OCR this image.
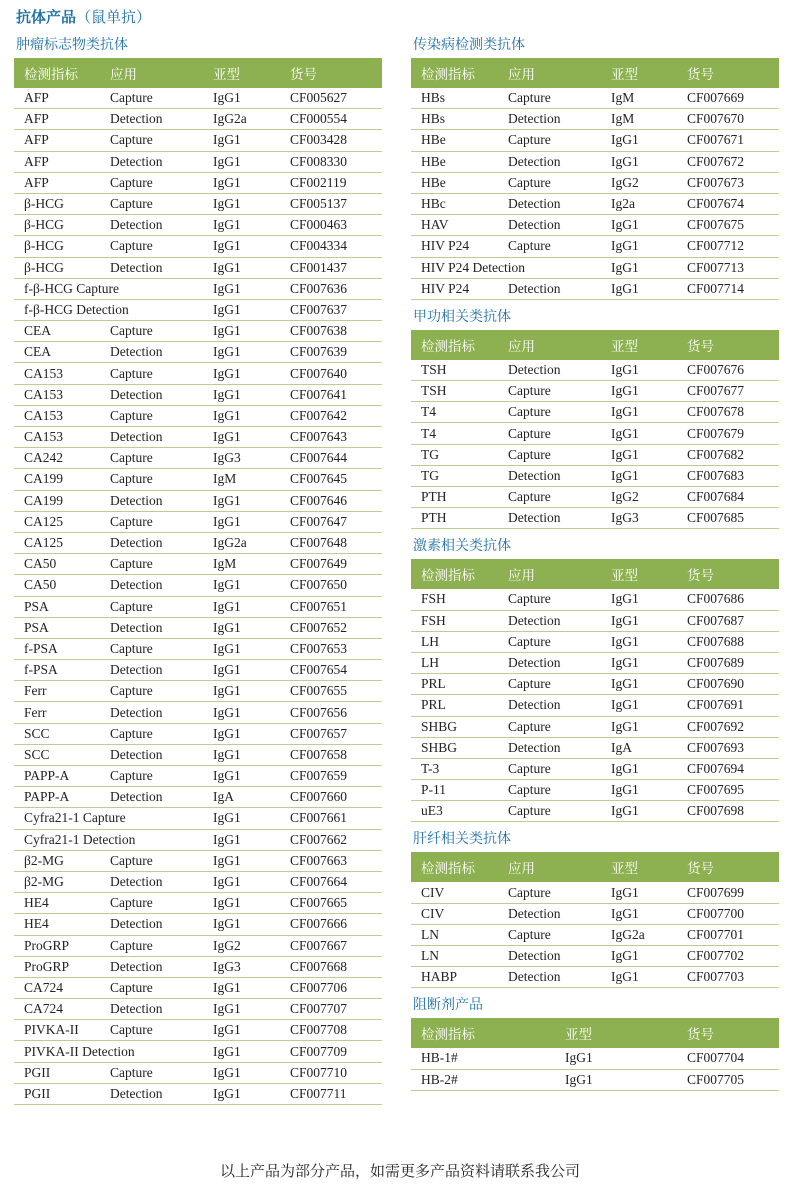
抗体产品（鼠单抗）
肿瘤标志物类抗体
检测指标	应用	亚型	货号
AFP	Capture	IgG1	CF005627
AFP	Detection	IgG2a	CF000554
AFP	Capture	IgG1	CF003428
AFP	Detection	IgG1	CF008330
AFP	Capture	IgG1	CF002119
β-HCG	Capture	IgG1	CF005137
β-HCG	Detection	IgG1	CF000463
β-HCG	Capture	IgG1	CF004334
β-HCG	Detection	IgG1	CF001437
f-β-HCG Capture		IgG1	CF007636
f-β-HCG Detection		IgG1	CF007637
CEA	Capture	IgG1	CF007638
CEA	Detection	IgG1	CF007639
CA153	Capture	IgG1	CF007640
CA153	Detection	IgG1	CF007641
CA153	Capture	IgG1	CF007642
CA153	Detection	IgG1	CF007643
CA242	Capture	IgG3	CF007644
CA199	Capture	IgM	CF007645
CA199	Detection	IgG1	CF007646
CA125	Capture	IgG1	CF007647
CA125	Detection	IgG2a	CF007648
CA50	Capture	IgM	CF007649
CA50	Detection	IgG1	CF007650
PSA	Capture	IgG1	CF007651
PSA	Detection	IgG1	CF007652
f-PSA	Capture	IgG1	CF007653
f-PSA	Detection	IgG1	CF007654
Ferr	Capture	IgG1	CF007655
Ferr	Detection	IgG1	CF007656
SCC	Capture	IgG1	CF007657
SCC	Detection	IgG1	CF007658
PAPP-A	Capture	IgG1	CF007659
PAPP-A	Detection	IgA	CF007660
Cyfra21-1 Capture		IgG1	CF007661
Cyfra21-1 Detection		IgG1	CF007662
β2-MG	Capture	IgG1	CF007663
β2-MG	Detection	IgG1	CF007664
HE4	Capture	IgG1	CF007665
HE4	Detection	IgG1	CF007666
ProGRP	Capture	IgG2	CF007667
ProGRP	Detection	IgG3	CF007668
CA724	Capture	IgG1	CF007706
CA724	Detection	IgG1	CF007707
PIVKA-II	Capture	IgG1	CF007708
PIVKA-II Detection		IgG1	CF007709
PGII	Capture	IgG1	CF007710
PGII	Detection	IgG1	CF007711
传染病检测类抗体
检测指标	应用	亚型	货号
HBs	Capture	IgM	CF007669
HBs	Detection	IgM	CF007670
HBe	Capture	IgG1	CF007671
HBe	Detection	IgG1	CF007672
HBe	Capture	IgG2	CF007673
HBc	Detection	Ig2a	CF007674
HAV	Detection	IgG1	CF007675
HIV P24	Capture	IgG1	CF007712
HIV P24 Detection		IgG1	CF007713
HIV P24	Detection	IgG1	CF007714
甲功相关类抗体
检测指标	应用	亚型	货号
TSH	Detection	IgG1	CF007676
TSH	Capture	IgG1	CF007677
T4	Capture	IgG1	CF007678
T4	Capture	IgG1	CF007679
TG	Capture	IgG1	CF007682
TG	Detection	IgG1	CF007683
PTH	Capture	IgG2	CF007684
PTH	Detection	IgG3	CF007685
激素相关类抗体
检测指标	应用	亚型	货号
FSH	Capture	IgG1	CF007686
FSH	Detection	IgG1	CF007687
LH	Capture	IgG1	CF007688
LH	Detection	IgG1	CF007689
PRL	Capture	IgG1	CF007690
PRL	Detection	IgG1	CF007691
SHBG	Capture	IgG1	CF007692
SHBG	Detection	IgA	CF007693
T-3	Capture	IgG1	CF007694
P-11	Capture	IgG1	CF007695
uE3	Capture	IgG1	CF007698
肝纤相关类抗体
检测指标	应用	亚型	货号
CIV	Capture	IgG1	CF007699
CIV	Detection	IgG1	CF007700
LN	Capture	IgG2a	CF007701
LN	Detection	IgG1	CF007702
HABP	Detection	IgG1	CF007703
阻断剂产品
检测指标	亚型	货号
HB-1#	IgG1	CF007704
HB-2#	IgG1	CF007705
以上产品为部分产品，如需更多产品资料请联系我公司
